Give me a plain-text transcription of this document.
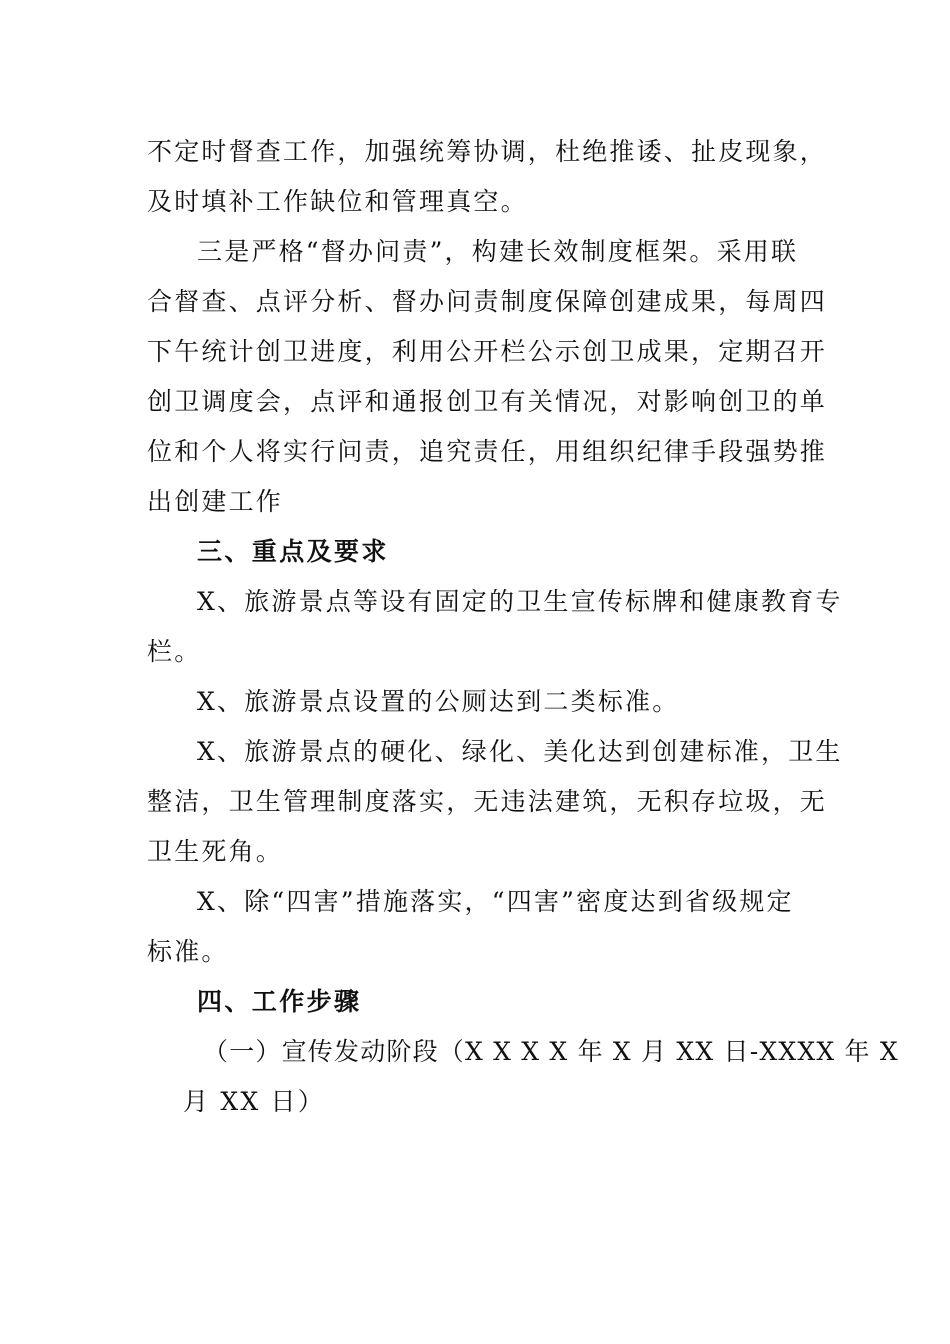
不定时督查工作，加强统筹协调，杜绝推诿、扯皮现象，
及时填补工作缺位和管理真空。
三是严格“督办问责”，构建长效制度框架。采用联
合督查、点评分析、督办问责制度保障创建成果，每周四
下午统计创卫进度，利用公开栏公示创卫成果，定期召开
创卫调度会，点评和通报创卫有关情况，对影响创卫的单
位和个人将实行问责，追究责任，用组织纪律手段强势推
出创建工作
三、重点及要求
X、旅游景点等设有固定的卫生宣传标牌和健康教育专
栏。
X、旅游景点设置的公厕达到二类标准。
X、旅游景点的硬化、绿化、美化达到创建标准，卫生
整洁，卫生管理制度落实，无违法建筑，无积存垃圾，无
卫生死角。
X、除“四害”措施落实，“四害”密度达到省级规定
标准。
四、工作步骤
（一）宣传发动阶段（X X X X 年 X 月 XX 日-XXXX 年 X
月 XX 日）
